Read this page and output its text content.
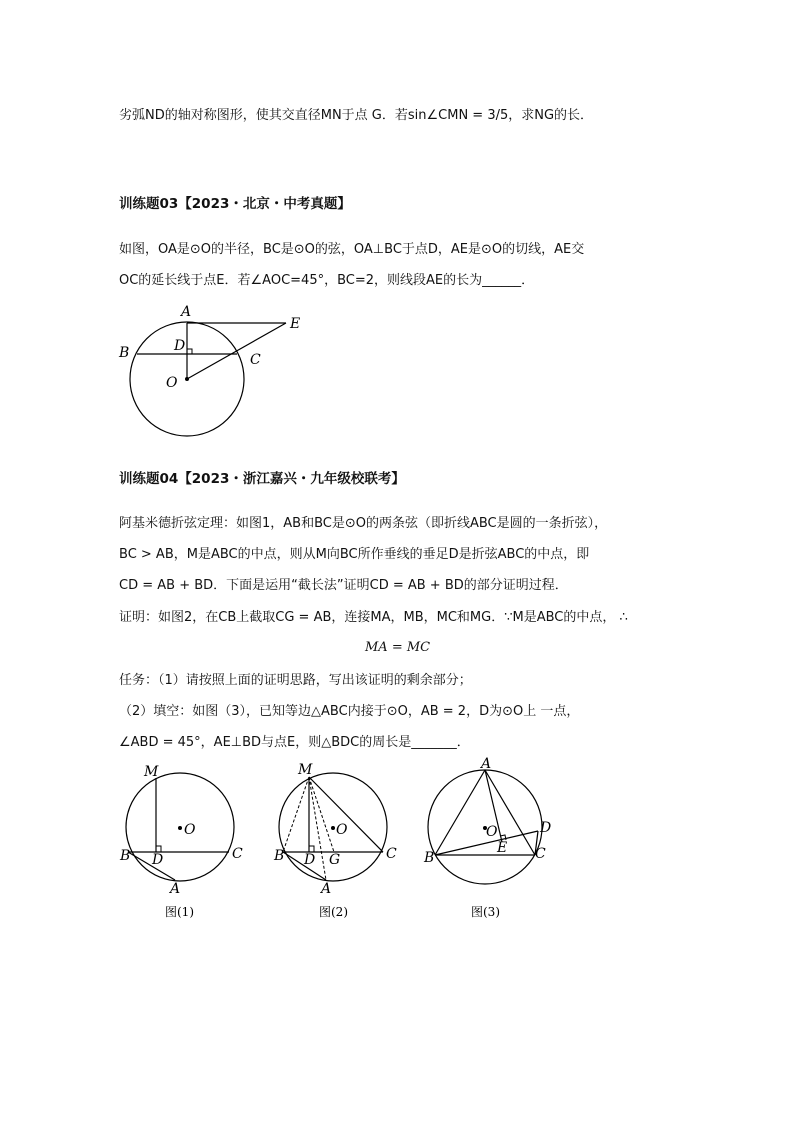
劣弧ND的轴对称图形，使其交直径MN于点 G．若sin∠CMN = 3/5，求NG的长．
训练题03【2023・北京・中考真题】
如图，OA是⊙O的半径，BC是⊙O的弦，OA⊥BC于点D，AE是⊙O的切线，AE交
OC的延长线于点E．若∠AOC=45°，BC=2，则线段AE的长为______．
A
E
B	D
C
O
训练题04【2023・浙江嘉兴・九年级校联考】
阿基米德折弦定理：如图1，AB和BC是⊙O的两条弦（即折线ABC是圆的一条折弦），
BC > AB，M是ABC的中点，则从M向BC所作垂线的垂足D是折弦ABC的中点，即
CD = AB + BD．下面是运用“截长法”证明CD = AB + BD的部分证明过程．
证明：如图2，在CB上截取CG = AB，连接MA，MB，MC和MG．∵M是ABC的中点， ∴
MA = MC
任务：（1）请按照上面的证明思路，写出该证明的剩余部分；
（2）填空：如图（3），已知等边△ABC内接于⊙O，AB = 2，D为⊙O上 一点，
∠ABD = 45°，AE⊥BD与点E，则△BDC的周长是_______．
M
O
B D	C
A
图(1)
M
O
B D G	C
A
图(2)
A
O	D
E
B	C
图(3)
